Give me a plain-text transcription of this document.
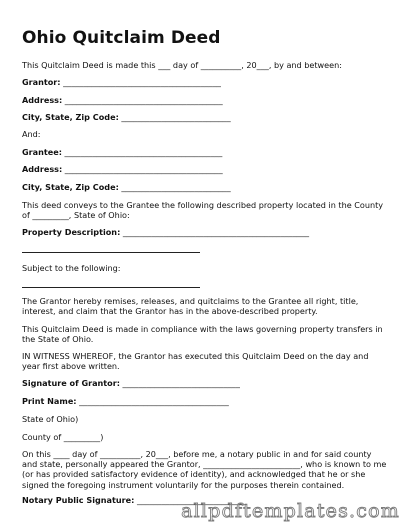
Ohio Quitclaim Deed
This Quitclaim Deed is made this ___ day of __________, 20___, by and between:
Grantor: _______________________________________
Address: _______________________________________
City, State, Zip Code: ___________________________
And:
Grantee: _______________________________________
Address: _______________________________________
City, State, Zip Code: ___________________________
This deed conveys to the Grantee the following described property located in the County of _________, State of Ohio:
Property Description: ______________________________________________
Subject to the following:
The Grantor hereby remises, releases, and quitclaims to the Grantee all right, title, interest, and claim that the Grantor has in the above-described property.
This Quitclaim Deed is made in compliance with the laws governing property transfers in the State of Ohio.
IN WITNESS WHEREOF, the Grantor has executed this Quitclaim Deed on the day and year first above written.
Signature of Grantor: _____________________________
Print Name: _____________________________________
State of Ohio)
County of _________)
On this ____ day of __________, 20___, before me, a notary public in and for said county and state, personally appeared the Grantor, ________________________, who is known to me (or has provided satisfactory evidence of identity), and acknowledged that he or she signed the foregoing instrument voluntarily for the purposes therein contained.
Notary Public Signature: ___________________________
allpdftemplates.com
